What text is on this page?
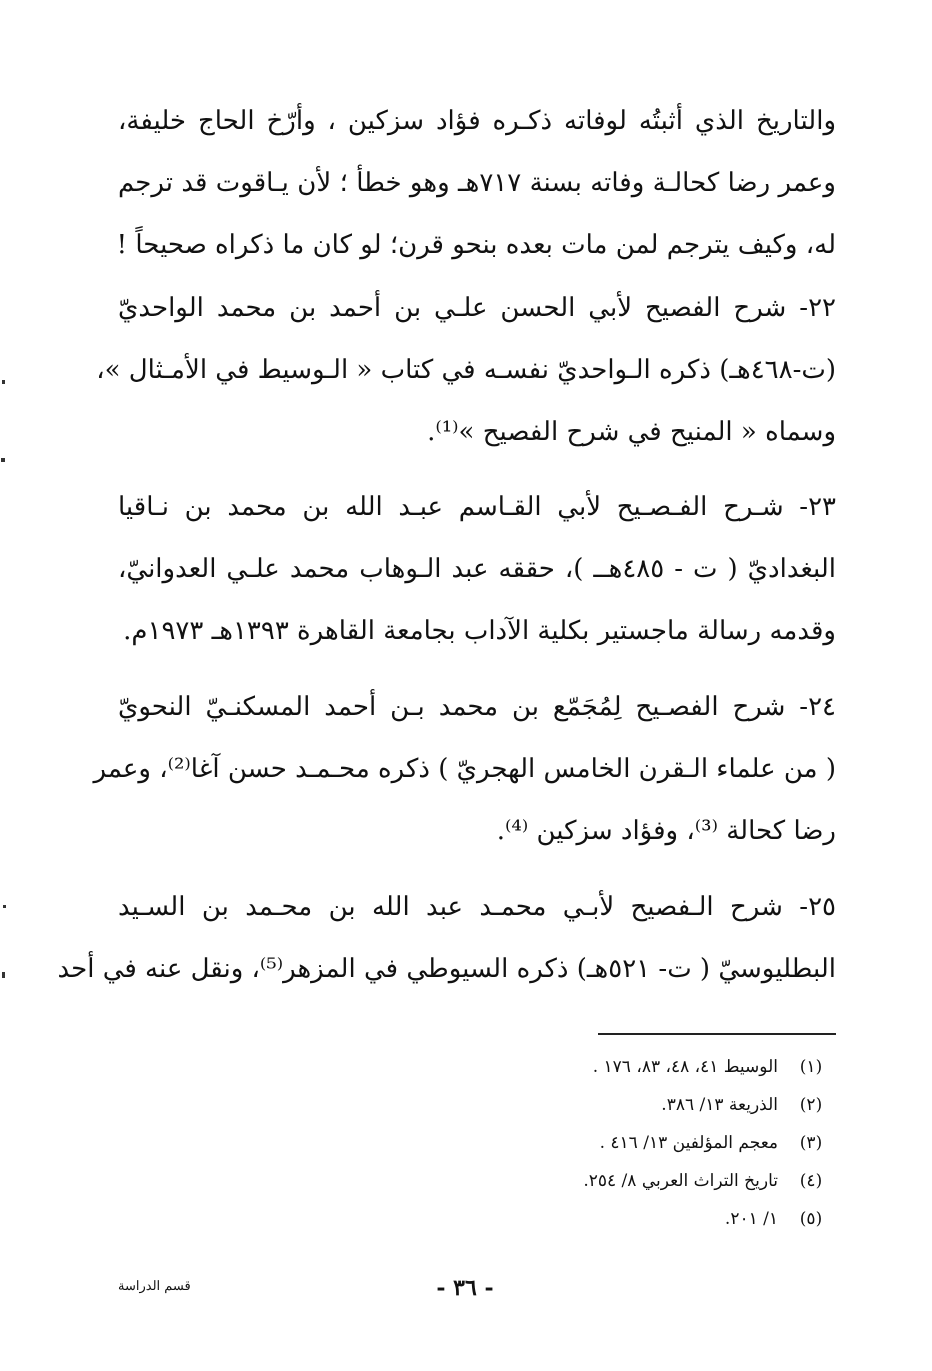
والتاريخ الذي أثبتُه لوفاته ذكـره فؤاد سزكين ، وأرّخ الحاج خليفة،
وعمر رضا كحالـة وفاته بسنة ٧١٧هـ وهو خطأ ؛ لأن يـاقوت قد ترجم
له، وكيف يترجم لمن مات بعده بنحو قرن؛ لو كان ما ذكراه صحيحاً !
٢٢- شرح الفصيح لأبي الحسن علـي بن أحمد بن محمد الواحديّ
(ت-٤٦٨هـ) ذكره الـواحديّ نفسـه في كتاب « الـوسيط في الأمـثال »،
وسماه « المنيح في شرح الفصيح »⁽¹⁾.
٢٣- شـرح الفـصـيح لأبي القـاسم عبـد الله بن محمد بن نـاقيا
البغداديّ ( ت - ٤٨٥هــ )، حققه عبد الـوهاب محمد علـي العدوانيّ،
وقدمه رسالة ماجستير بكلية الآداب بجامعة القاهرة ١٣٩٣هـ ١٩٧٣م.
٢٤- شرح الفصـيح لِمُجَمّع بن محمد بـن أحمد المسكنـيّ النحويّ
( من علماء الـقرن الخامس الهجريّ ) ذكره محـمـد حسن آغا⁽²⁾، وعمر
رضا كحالة ⁽³⁾، وفؤاد سزكين ⁽⁴⁾.
٢٥- شرح الـفصيح لأبـي محمـد عبد الله بن محـمد بن السـيد
البطليوسيّ ( ت- ٥٢١هـ) ذكره السيوطي في المزهر⁽⁵⁾، ونقل عنه في أحد
(١)
الوسيط ٤١، ٤٨، ٨٣، ١٧٦ .
(٢)
الذريعة ١٣/ ٣٨٦.
(٣)
معجم المؤلفين ١٣/ ٤١٦ .
(٤)
تاريخ التراث العربي ٨/ ٢٥٤.
(٥)
١/ ٢٠١.
- ٣٦ -
قسم الدراسة
